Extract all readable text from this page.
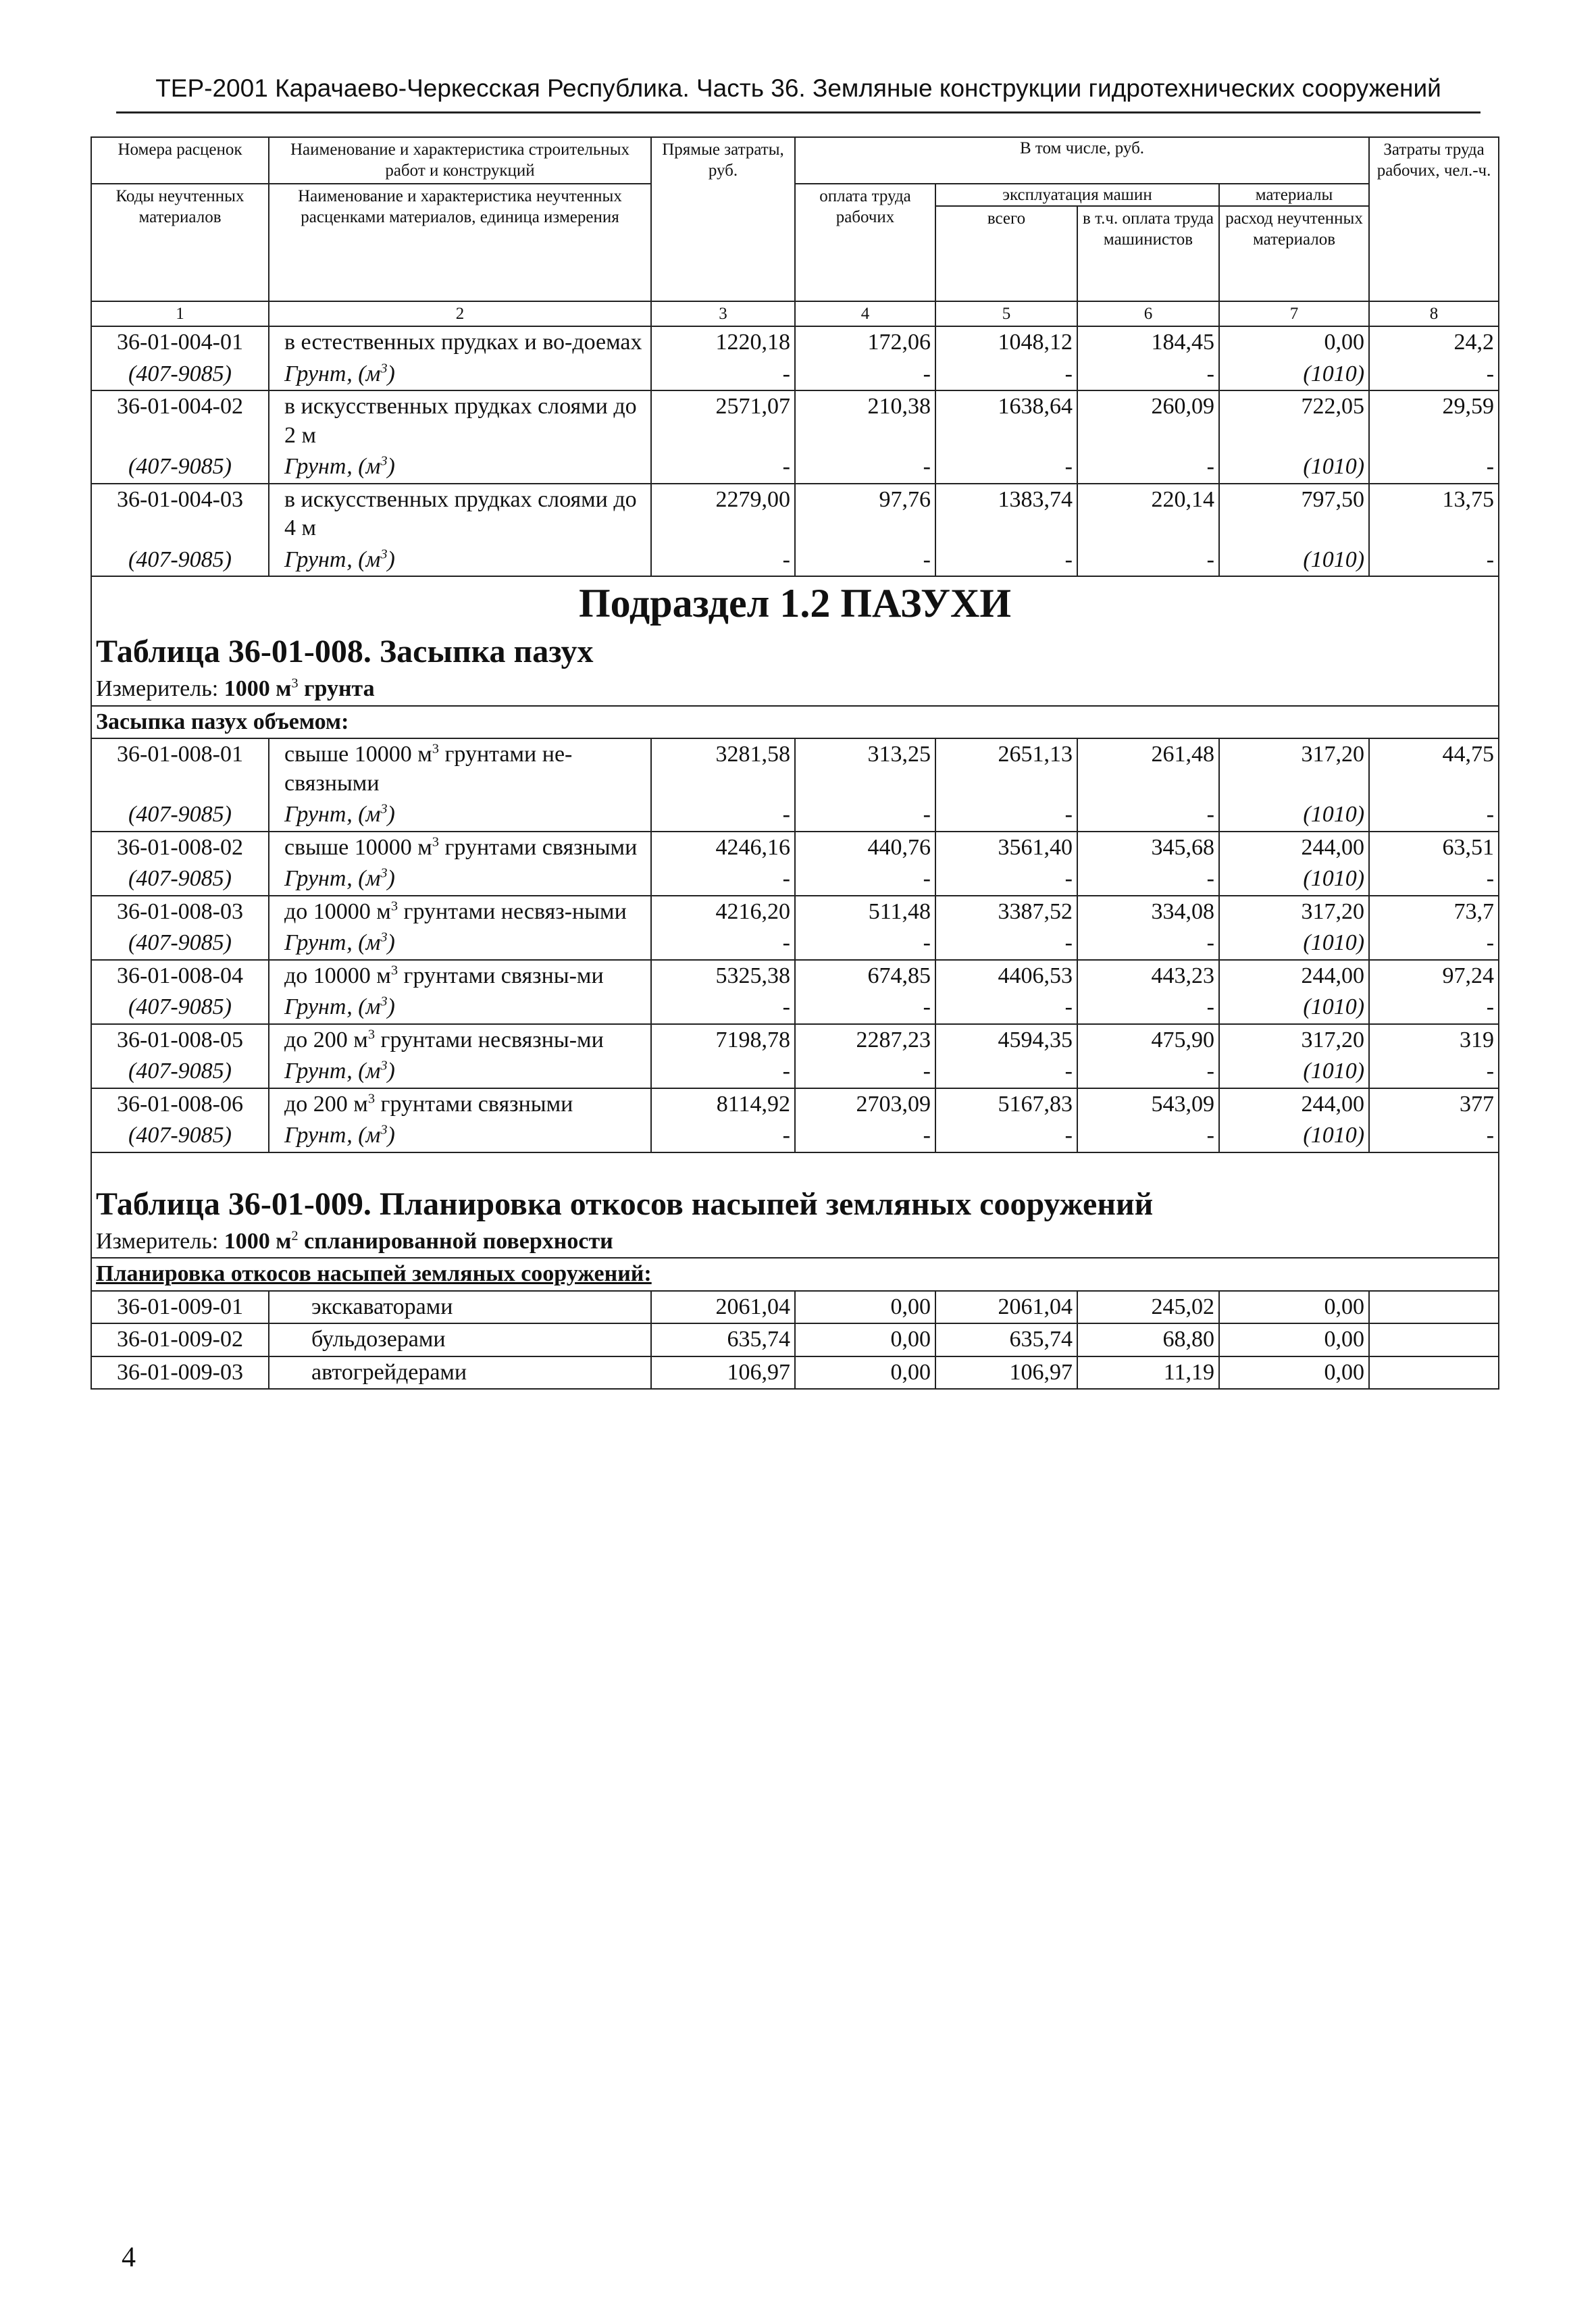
ТЕР-2001 Карачаево-Черкесская Республика. Часть 36. Земляные конструкции гидротехнических сооружений
Номера расценок	Наименование и характеристика строительных работ и конструкций	Прямые затраты, руб.	В том числе, руб.				Затраты труда рабочих, чел.-ч.
Коды неучтенных материалов	Наименование и характеристика неучтенных расценками материалов, единица измерения		оплата труда рабочих	эксплуатация машин		материалы	
				всего	в т.ч. оплата труда машинистов	расход неучтенных материалов	
1	2	3	4	5	6	7	8
36-01-004-01	в естественных прудках и во-доемах	1220,18	172,06	1048,12	184,45	0,00	24,2
(407-9085)	Грунт, $(м^3)$	-	-	-	-	(1010)	-
36-01-004-02	в искусственных прудках слоями до 2 м	2571,07	210,38	1638,64	260,09	722,05	29,59
(407-9085)	Грунт, $(м^3)$	-	-	-	-	(1010)	-
36-01-004-03	в искусственных прудках слоями до 4 м	2279,00	97,76	1383,74	220,14	797,50	13,75
(407-9085)	Грунт, $(м^3)$	-	-	-	-	(1010)	-
Подраздел 1.2 ПАЗУХИ							
Таблица 36-01-008. Засыпка пазух							
Измеритель: 1000 $м^3$ грунта							
Засыпка пазух объемом:							
36-01-008-01	свыше 10000 $м^3$ грунтами не-связными	3281,58	313,25	2651,13	261,48	317,20	44,75
(407-9085)	Грунт, $(м^3)$	-	-	-	-	(1010)	-
36-01-008-02	свыше 10000 $м^3$ грунтами связными	4246,16	440,76	3561,40	345,68	244,00	63,51
(407-9085)	Грунт, $(м^3)$	-	-	-	-	(1010)	-
36-01-008-03	до 10000 $м^3$ грунтами несвяз-ными	4216,20	511,48	3387,52	334,08	317,20	73,7
(407-9085)	Грунт, $(м^3)$	-	-	-	-	(1010)	-
36-01-008-04	до 10000 $м^3$ грунтами связны-ми	5325,38	674,85	4406,53	443,23	244,00	97,24
(407-9085)	Грунт, $(м^3)$	-	-	-	-	(1010)	-
36-01-008-05	до 200 $м^3$ грунтами несвязны-ми	7198,78	2287,23	4594,35	475,90	317,20	319
(407-9085)	Грунт, $(м^3)$	-	-	-	-	(1010)	-
36-01-008-06	до 200 $м^3$ грунтами связными	8114,92	2703,09	5167,83	543,09	244,00	377
(407-9085)	Грунт, $(м^3)$	-	-	-	-	(1010)	-
Таблица 36-01-009. Планировка откосов насыпей земляных сооружений							
Измеритель: 1000 $м^2$ спланированной поверхности							
Планировка откосов насыпей земляных сооружений:							
36-01-009-01	экскаваторами	2061,04	0,00	2061,04	245,02	0,00	
36-01-009-02	бульдозерами	635,74	0,00	635,74	68,80	0,00	
36-01-009-03	автогрейдерами	106,97	0,00	106,97	11,19	0,00	
4
